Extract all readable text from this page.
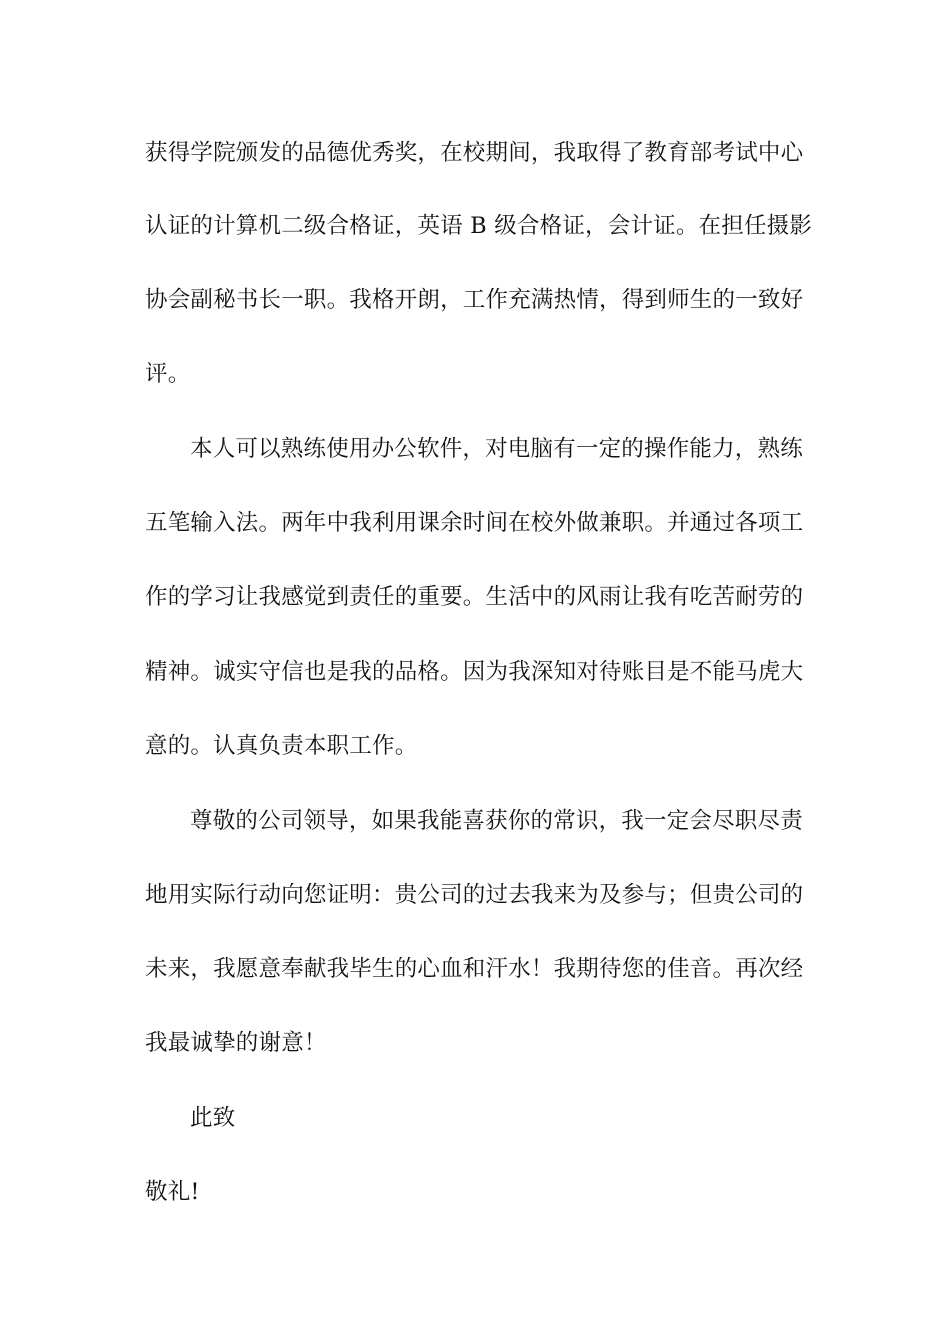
获得学院颁发的品德优秀奖，在校期间，我取得了教育部考试中心
认证的计算机二级合格证，英语 B 级合格证，会计证。在担任摄影
协会副秘书长一职。我格开朗，工作充满热情，得到师生的一致好
评。
本人可以熟练使用办公软件，对电脑有一定的操作能力，熟练
五笔输入法。两年中我利用课余时间在校外做兼职。并通过各项工
作的学习让我感觉到责任的重要。生活中的风雨让我有吃苦耐劳的
精神。诚实守信也是我的品格。因为我深知对待账目是不能马虎大
意的。认真负责本职工作。
尊敬的公司领导，如果我能喜获你的常识，我一定会尽职尽责
地用实际行动向您证明：贵公司的过去我来为及参与；但贵公司的
未来，我愿意奉献我毕生的心血和汗水！我期待您的佳音。再次经
我最诚挚的谢意！
此致
敬礼!
